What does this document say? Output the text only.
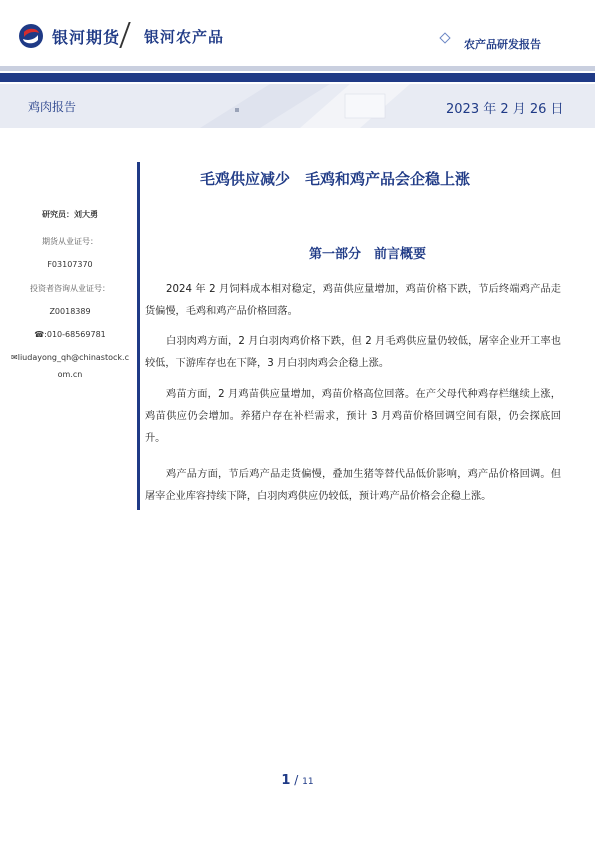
银河期货 银河农产品	农产品研发报告
鸡肉报告	2023 年 2 月 26 日
研究员：刘大勇
期货从业证号：
F03107370
投资者咨询从业证号：
Z0018389
☎:010-68569781
✉liudayong_qh@chinastock.c
om.cn
毛鸡供应减少　毛鸡和鸡产品会企稳上涨
第一部分　前言概要
2024 年 2 月饲料成本相对稳定，鸡苗供应量增加，鸡苗价格下跌，节后终端鸡产品走货偏慢，毛鸡和鸡产品价格回落。
白羽肉鸡方面，2 月白羽肉鸡价格下跌，但 2 月毛鸡供应量仍较低，屠宰企业开工率也较低，下游库存也在下降，3 月白羽肉鸡会企稳上涨。
鸡苗方面，2 月鸡苗供应量增加，鸡苗价格高位回落。在产父母代种鸡存栏继续上涨，鸡苗供应仍会增加。养猪户存在补栏需求，预计 3 月鸡苗价格回调空间有限，仍会探底回升。
鸡产品方面，节后鸡产品走货偏慢，叠加生猪等替代品低价影响，鸡产品价格回调。但屠宰企业库容持续下降，白羽肉鸡供应仍较低，预计鸡产品价格会企稳上涨。
1 / 11
